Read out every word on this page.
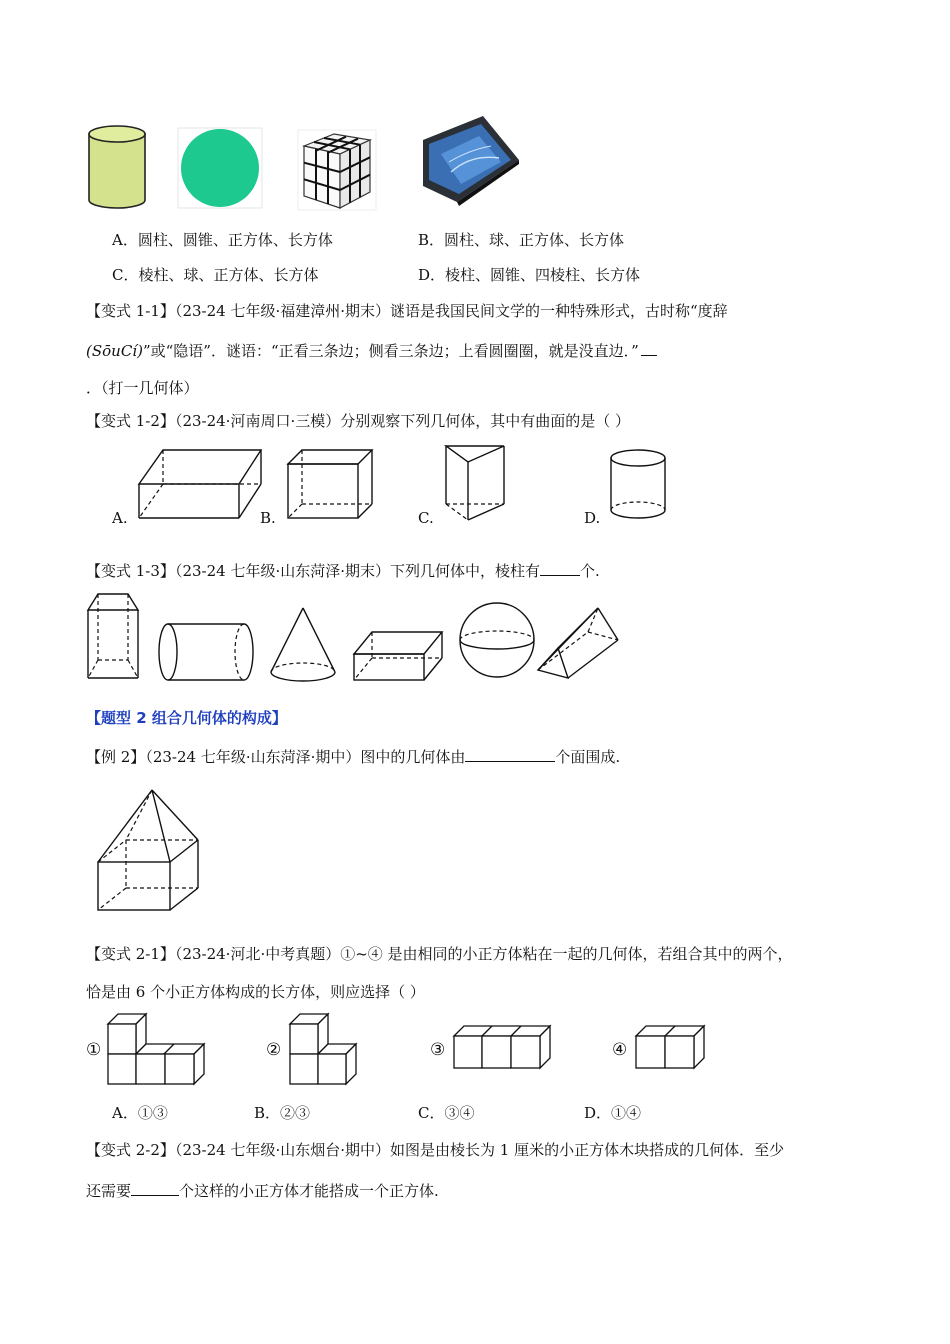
A．圆柱、圆锥、正方体、长方体	B．圆柱、球、正方体、长方体
C．棱柱、球、正方体、长方体	D．棱柱、圆锥、四棱柱、长方体
【变式 1-1】（23-24 七年级·福建漳州·期末）谜语是我国民间文学的一种特殊形式，古时称“度辞
(SōuCí)”或“隐语”．谜语：“正看三条边；侧看三条边；上看圆圈圈，就是没直边．”
．（打一几何体）
【变式 1-2】（23-24·河南周口·三模）分别观察下列几何体，其中有曲面的是（ ）
A.	B.	C.	D.
【变式 1-3】（23-24 七年级·山东菏泽·期末）下列几何体中，棱柱有	个.
【题型 2 组合几何体的构成】
【例 2】（23-24 七年级·山东菏泽·期中）图中的几何体由	个面围成.
【变式 2-1】（23-24·河北·中考真题）①~④ 是由相同的小正方体粘在一起的几何体，若组合其中的两个，
恰是由 6 个小正方体构成的长方体，则应选择（ ）
①	②	③	④
A．①③	B．②③	C．③④	D．①④
【变式 2-2】（23-24 七年级·山东烟台·期中）如图是由棱长为 1 厘米的小正方体木块搭成的几何体．至少
还需要	个这样的小正方体才能搭成一个正方体.
